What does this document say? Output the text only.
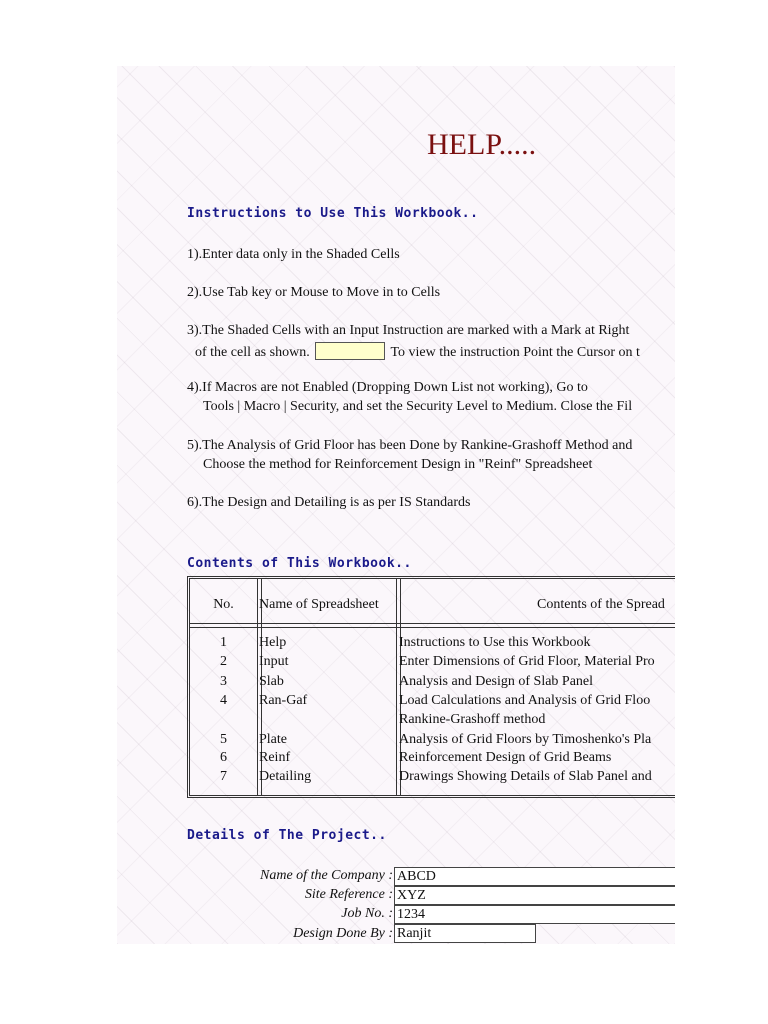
HELP.....
Instructions to Use This Workbook..
1).Enter data only in the Shaded Cells
2).Use Tab key or Mouse to Move in to Cells
3).The Shaded Cells with an Input Instruction are marked with a Mark at Right
of the cell as shown.	To view the instruction Point the Cursor on t
4).If Macros are not Enabled (Dropping Down List not working), Go to
Tools | Macro | Security, and set the Security Level to Medium. Close the Fil
5).The Analysis of Grid Floor has been Done by Rankine-Grashoff Method and
Choose the method for Reinforcement Design in "Reinf" Spreadsheet
6).The Design and Detailing is as per IS Standards
Contents of This Workbook..
No.	Name of Spreadsheet	Contents of the Spread
1	Help	Instructions to Use this Workbook
2	Input	Enter Dimensions of Grid Floor, Material Pro
3	Slab	Analysis and Design of Slab Panel
4	Ran-Gaf	Load Calculations and Analysis of Grid Floo
Rankine-Grashoff method
5	Plate	Analysis of Grid Floors by Timoshenko's Pla
6	Reinf	Reinforcement Design of Grid Beams
7	Detailing	Drawings Showing Details of Slab Panel and
Details of The Project..
Name of the Company : ABCD
Site Reference : XYZ
Job No. : 1234
Design Done By : Ranjit
